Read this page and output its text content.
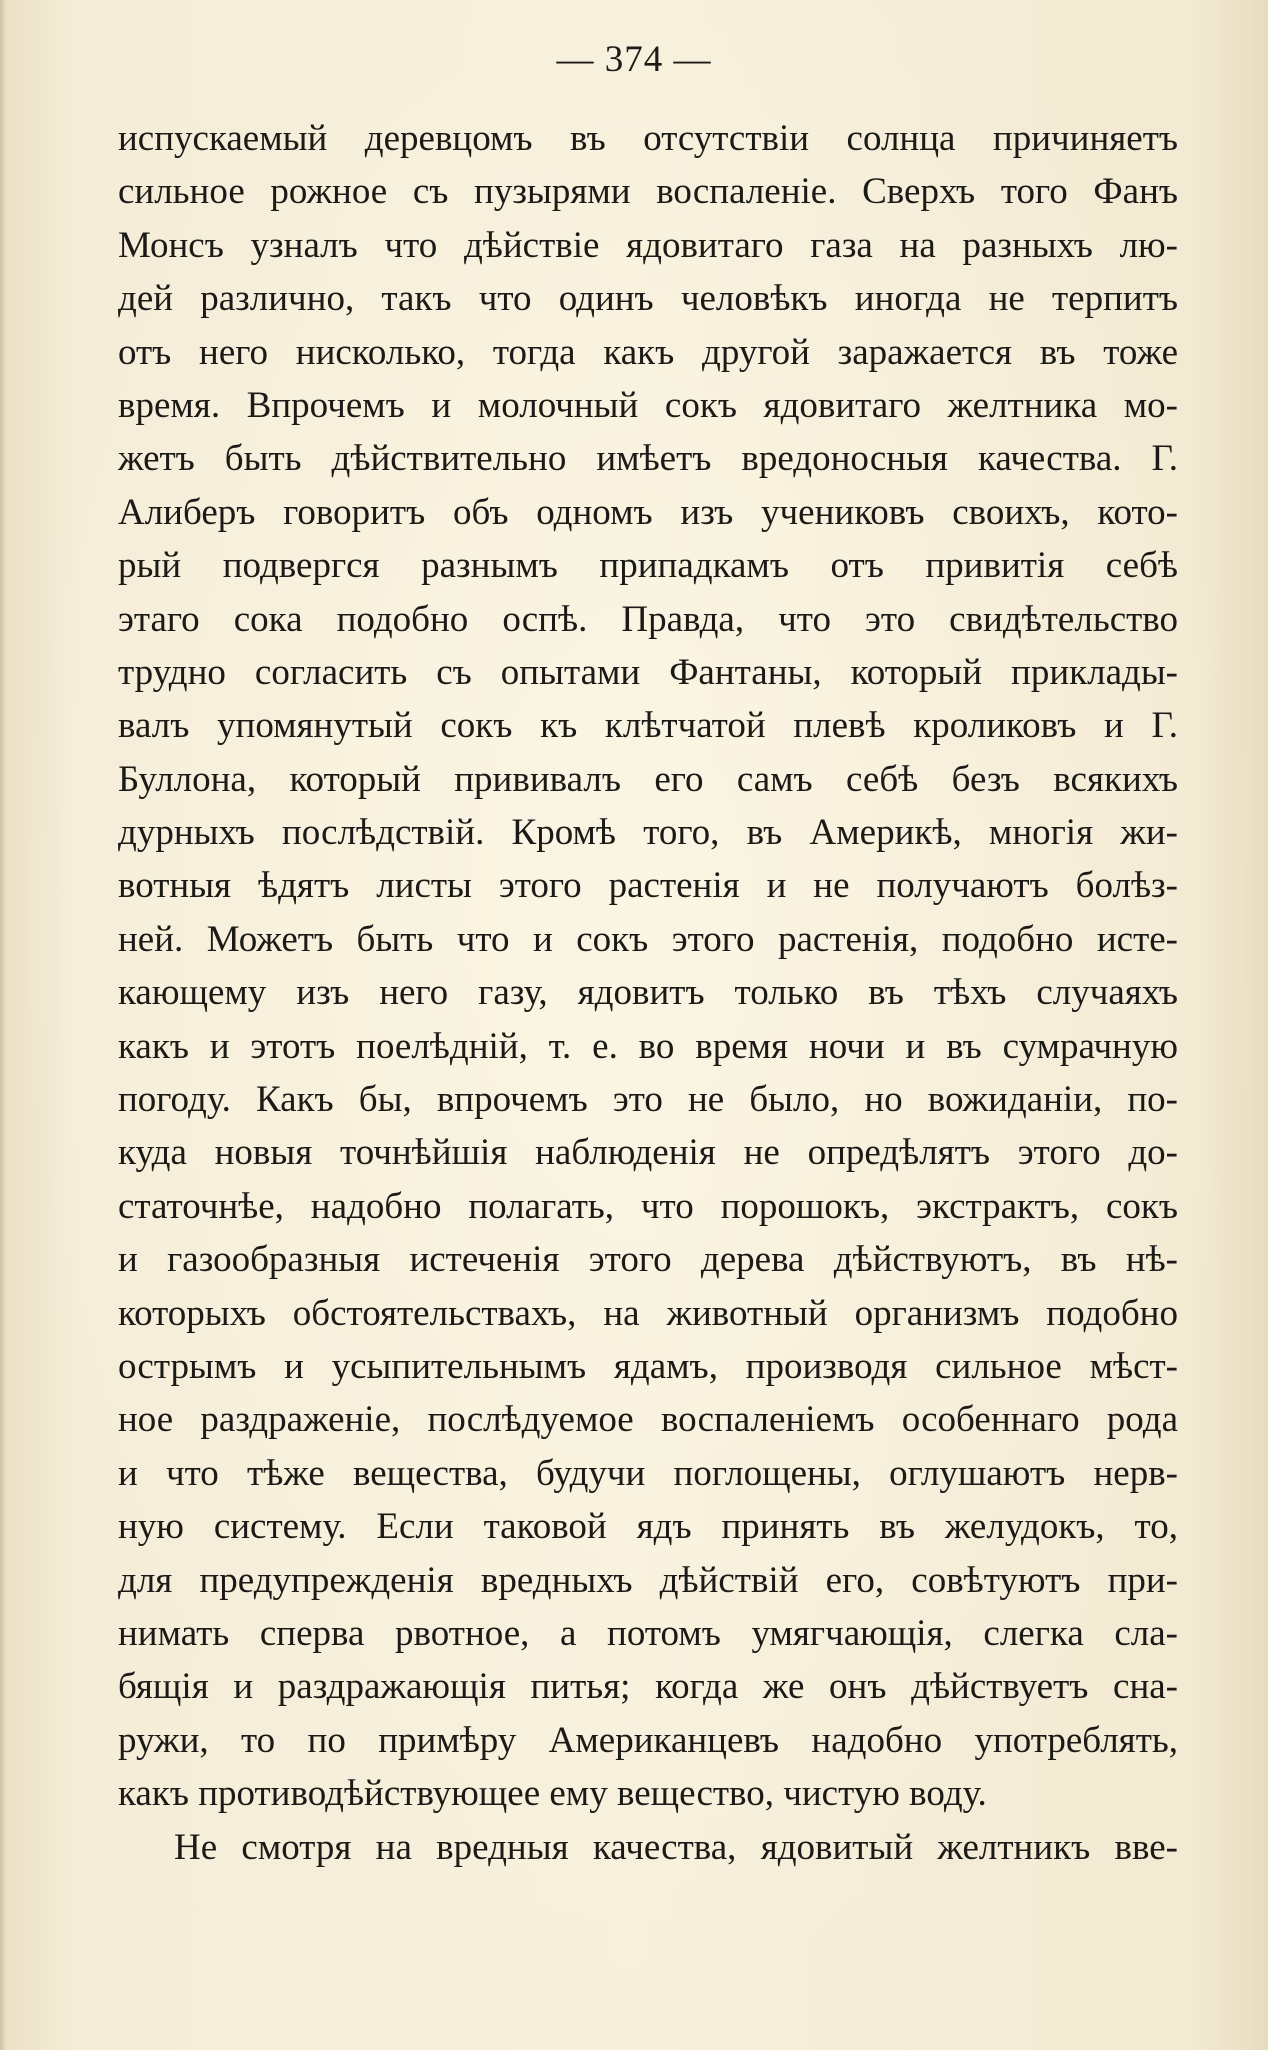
— 374 —
испускаемый деревцомъ въ отсутствіи солнца причиняетъ
сильное рожное съ пузырями воспаленіе. Сверхъ того Фанъ
Монсъ узналъ что дѣйствіе ядовитаго газа на разныхъ лю-
дей различно, такъ что одинъ человѣкъ иногда не терпитъ
отъ него нисколько, тогда какъ другой заражается въ тоже
время. Впрочемъ и молочный сокъ ядовитаго желтника мо-
жетъ быть дѣйствительно имѣетъ вредоносныя качества. Г.
Алиберъ говоритъ объ одномъ изъ учениковъ своихъ, кото-
рый подвергся разнымъ припадкамъ отъ привитія себѣ
этаго сока подобно оспѣ. Правда, что это свидѣтельство
трудно согласить съ опытами Фантаны, который приклады-
валъ упомянутый сокъ къ клѣтчатой плевѣ кроликовъ и Г.
Буллона, который прививалъ его самъ себѣ безъ всякихъ
дурныхъ послѣдствій. Кромѣ того, въ Америкѣ, многія жи-
вотныя ѣдятъ листы этого растенія и не получаютъ болѣз-
ней. Можетъ быть что и сокъ этого растенія, подобно исте-
кающему изъ него газу, ядовитъ только въ тѣхъ случаяхъ
какъ и этотъ поелѣдній, т. е. во время ночи и въ сумрачную
погоду. Какъ бы, впрочемъ это не было, но вожиданіи, по-
куда новыя точнѣйшія наблюденія не опредѣлятъ этого до-
статочнѣе, надобно полагать, что порошокъ, экстрактъ, сокъ
и газообразныя истеченія этого дерева дѣйствуютъ, въ нѣ-
которыхъ обстоятельствахъ, на животный организмъ подобно
острымъ и усыпительнымъ ядамъ, производя сильное мѣст-
ное раздраженіе, послѣдуемое воспаленіемъ особеннаго рода
и что тѣже вещества, будучи поглощены, оглушаютъ нерв-
ную систему. Если таковой ядъ принять въ желудокъ, то,
для предупрежденія вредныхъ дѣйствій его, совѣтуютъ при-
нимать сперва рвотное, а потомъ умягчающія, слегка сла-
бящія и раздражающія питья; когда же онъ дѣйствуетъ сна-
ружи, то по примѣру Американцевъ надобно употреблять,
какъ противодѣйствующее ему вещество, чистую воду.
Не смотря на вредныя качества, ядовитый желтникъ вве-
